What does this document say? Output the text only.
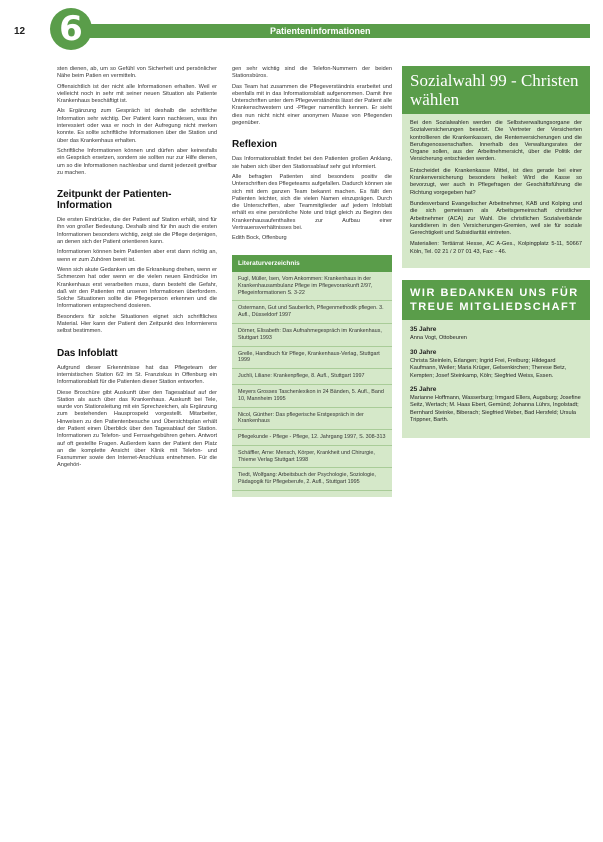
12 6	Patienteninformationen

sten dienen, ab, um so Gefühl von Sicherheit und persönlicher Nähe beim Patien en vermitteln.

Offensichtlich ist der nicht alle Informationen erhalten. Weil er vielleicht noch in sehr mit seiner neuen Situation als Patiente Krankenhaus beschäftigt ist.

Als Ergänzung zum Gespräch ist deshalb die schriftliche Information sehr wichtig. Der Patient kann nachlesen, was ihn interessiert oder was er noch in der Aufregung nicht merken konnte. Es sollte schriftliche Informationen über die Station und über das Krankenhaus erhalten.

Schriftliche Informationen können und dürfen aber keinesfalls ein Gespräch ersetzen, sondern sie sollten nur zur Hilfe dienen, um so die Informationen nachlesbar und damit jederzeit greifbar zu machen.

Zeitpunkt der Patienten-Information

Die ersten Eindrücke, die der Patient auf Station erhält, sind für ihn von großer Bedeutung. Deshalb sind für ihn auch die ersten Informationen besonders wichtig, zeigt sie die Pflege derjenigen, an denen sich der Patient orientieren kann.

Informationen können beim Patienten aber erst dann richtig an, wenn er zum Zuhören bereit ist.

Wenn sich akute Gedanken um die Erkrankung drehen, wenn er Schmerzen hat oder wenn er die vielen neuen Eindrücke im Krankenhaus erst verarbeiten muss, dann besteht die Gefahr, daß wir den Patienten mit unseren Informationen überfordern. Solche Situationen sollte die Pflegeperson erkennen und die Informationen entsprechend dosieren.

Besonders für solche Situationen eignet sich schriftliches Material. Hier kann der Patient den Zeitpunkt des Informierens selbst bestimmen.

Das Infoblatt

Aufgrund dieser Erkenntnisse hat das Pflegeteam der internistischen Station 6/2 im St. Franziskus in Offenburg ein Informationsblatt für die Patienten dieser Station entworfen.

Diese Broschüre gibt Auskunft über den Tagesablauf auf der Station als auch über das Krankenhaus. Auskunft bei Tele, wurde von Stationsleitung mit ein Sprechzeichen, als Ergänzung zum bestehenden Hausprospekt vorgestellt. Mitarbeiter, Hinweisen zu den Patientenbesuche und Übersichtsplan erhält der Patient einen Überblick über den Tagesablauf der Station. Informationen zu Telefon- und Fernsehgebühren gehen. Antwort auf oft gestellte Fragen. Außerdem kann der Patient den Platz an die komplette Ansicht über Klinik mit Telefon- und Faxnummer sowie den Internet-Anschluss entnehmen. Für die Angehöri-

gen sehr wichtig sind die Telefon-Nummern der beiden Stationsbüros.

Das Team hat zusammen die Pflegeverständnis erarbeitet und ebenfalls mit in das Informationsblatt aufgenommen. Damit ihre Unterschriften unter dem Pflegeverständnis lässt der Patient alle Krankenschwestern und -Pfleger namentlich kennen. Er sieht dies nun nicht nicht einer anonymen Masse von Pflegenden gegenüber.

Reflexion

Das Informationsblatt findet bei den Patienten großen Anklang, sie haben sich über den Stationsablauf sehr gut informiert.

Alle befragten Patienten sind besonders positiv die Unterschriften des Pflegeteams aufgefallen. Dadurch können sie sich mit dem ganzen Team bekannt machen. Es fällt den Patienten leichter, sich die vielen Namen einzuprägen. Durch die Unterschriften, aber Teammitglieder auf jedem Infoblatt erhält es eine persönliche Note und trägt gleich zu Beginn des Krankenhausaufenthaltes zur Aufbau einer Vertrauensverhältnisses bei.

Edith Bock, Offenburg

Literaturverzeichnis
Fugl, Müller, Isen, Vom Ankommen: Krankenhaus in der Krankenhausambulanz Pflege im Pflegevorankunft 2/97, Pflegeinformationen S. 3-22
Ostermann, Gut und Sauberlich, Pflegenmethodik pflegen. 3. Aufl., Düsseldorf 1997
Dörner, Elisabeth: Das Aufnahmegespräch im Krankenhaus, Stuttgart 1993
Grelle, Handbuch für Pflege, Krankenhaus-Verlag, Stuttgart 1999
Juchli, Liliane: Krankenpflege, 8. Aufl., Stuttgart 1997
Meyers Grosses Taschenlexikon in 24 Bänden, 5. Aufl., Band 10, Mannheim 1995
Nicol, Günther: Das pflegerische Erstgespräch in der Krankenhaus
Pflegekunde - Pflege - Pflege, 12. Jahrgang 1997, S. 308-313
Schäffler, Arne: Mensch, Körper, Krankheit und Chirurgie, Thieme Verlag Stuttgart 1998
Tiedt, Wolfgang: Arbeitsbuch der Psychologie, Soziologie, Pädagogik für Pflegeberufe, 2. Aufl., Stuttgart 1995
Sozialwahl 99 - Christen wählen

Bei den Sozialwahlen werden die Selbstverwaltungsorgane der Sozialversicherungen besetzt. Die Vertreter der Versicherten kontrollieren die Krankenkassen, die Rentenversicherungen und die Berufsgenossenschaften. Innerhalb des Verwaltungsrates der Organe sollen, aus der Arbeitnehmersicht, über die Politik der Versicherung entschieden werden.

Entscheidet die Krankenkasse Mittel, ist dies gerade bei einer Krankenversicherung besonders heikel: Wird die Kasse so bevorzugt, wer auch in Pflegefragen der Geschäftsführung die Richtung vorgegeben hat?

Bundesverband Evangelischer Arbeitnehmer, KAB und Kolping und die sich gemeinsam als Arbeitsgemeinschaft christlicher Arbeitnehmer (ACA) zur Wahl. Die christlichen Sozialverbände kandidieren in den Versicherungen-Gremien, weil sie für soziale Gerechtigkeit und Subsidiarität eintreten.

Materialien: Tertiärrat Hesse, AC A-Ges., Kolpingplatz 5-11, 50667 Köln, Tel. 02 21 / 2 07 01 43, Fax: - 46.

WIR BEDANKEN UNS FÜR TREUE MITGLIEDSCHAFT
35 Jahre
Anna Vogt, Ottobeuren
30 Jahre
Christa Steinlein, Erlangen; Ingrid Frei, Freiburg; Hildegard Kaufmann, Weiler; Maria Krüger, Gelsenkirchen; Therese Betz, Kempten; Josef Steinkamp, Köln; Siegfried Weiss, Essen.
25 Jahre
Marianne Hoffmann, Wasserburg; Irmgard Ellers, Augsburg; Josefine Seitz, Wertach; M. Haas Ebert, Gemünd; Johanna Lührs, Ingolstadt; Bernhard Steinke, Biberach; Siegfried Weber, Bad Hersfeld; Ursula Trippner, Barth.
